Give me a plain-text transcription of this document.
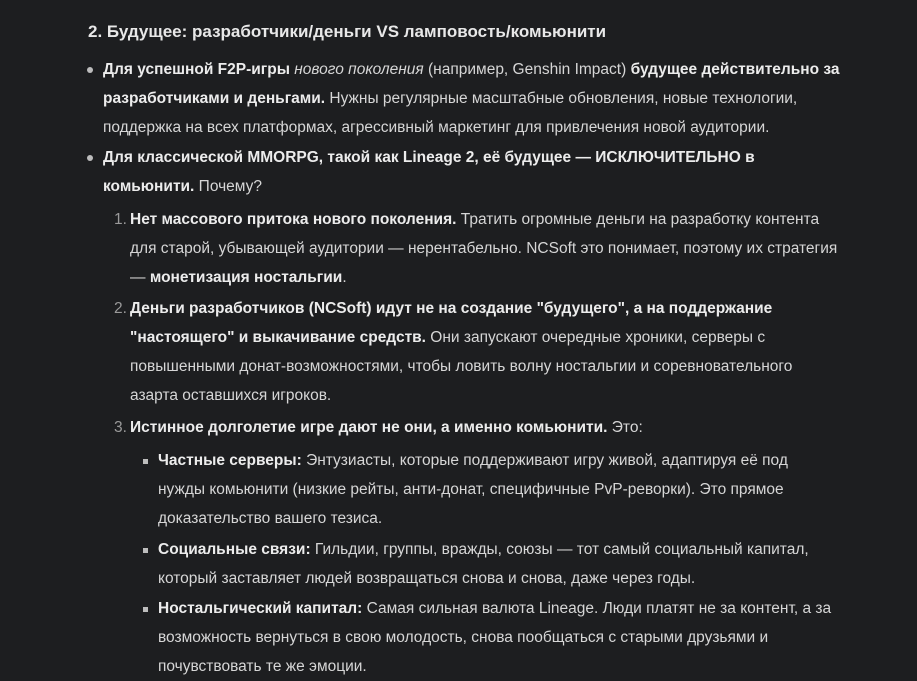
2. Будущее: разработчики/деньги VS ламповость/комьюнити

Для успешной F2P-игры нового поколения (например, Genshin Impact) будущее действительно за разработчиками и деньгами. Нужны регулярные масштабные обновления, новые технологии, поддержка на всех платформах, агрессивный маркетинг для привлечения новой аудитории.

Для классической MMORPG, такой как Lineage 2, её будущее — ИСКЛЮЧИТЕЛЬНО в комьюнити. Почему?

1. Нет массового притока нового поколения. Тратить огромные деньги на разработку контента для старой, убывающей аудитории — нерентабельно. NCSoft это понимает, поэтому их стратегия — монетизация ностальгии.

2. Деньги разработчиков (NCSoft) идут не на создание "будущего", а на поддержание "настоящего" и выкачивание средств. Они запускают очередные хроники, серверы с повышенными донат-возможностями, чтобы ловить волну ностальгии и соревновательного азарта оставшихся игроков.

3. Истинное долголетие игре дают не они, а именно комьюнити. Это:

Частные серверы: Энтузиасты, которые поддерживают игру живой, адаптируя её под нужды комьюнити (низкие рейты, анти-донат, специфичные PvP-реворки). Это прямое доказательство вашего тезиса.

Социальные связи: Гильдии, группы, вражды, союзы — тот самый социальный капитал, который заставляет людей возвращаться снова и снова, даже через годы.

Ностальгический капитал: Самая сильная валюта Lineage. Люди платят не за контент, а за возможность вернуться в свою молодость, снова пообщаться с старыми друзьями и почувствовать те же эмоции.
